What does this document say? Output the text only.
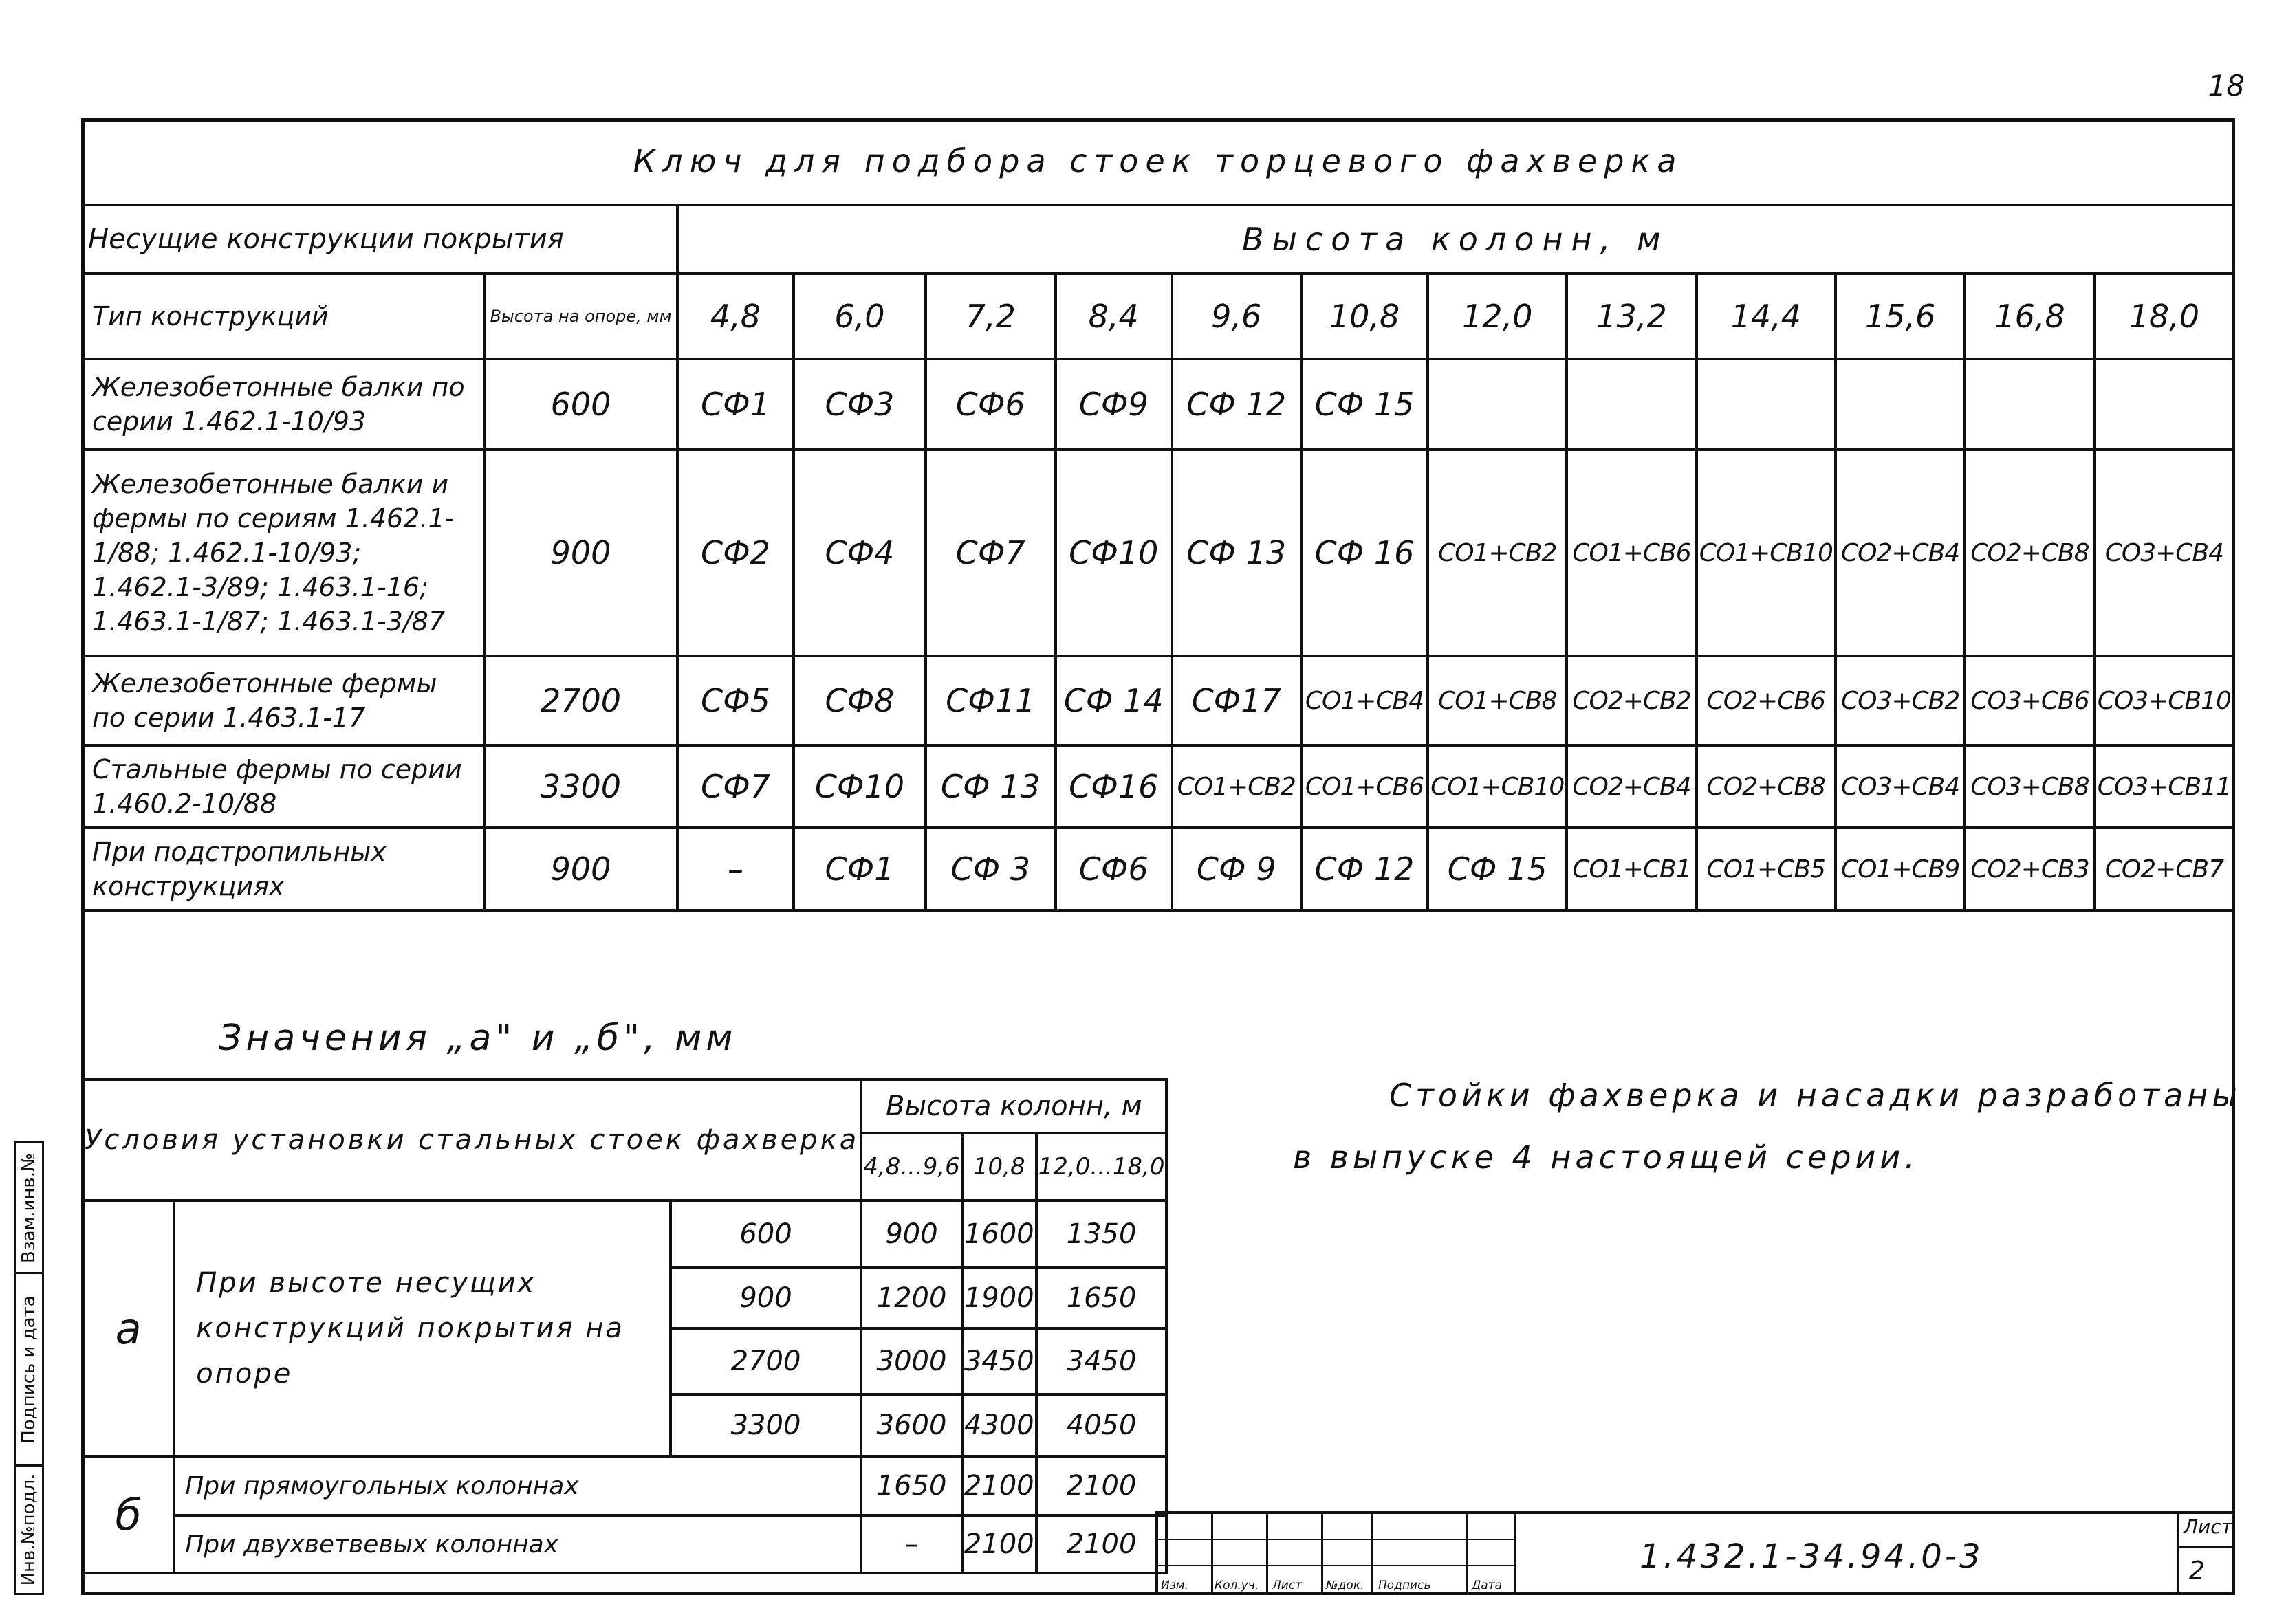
18
Ключ для подбора стоек торцевого фахверка													
Несущие конструкции покрытия		Высота колонн, м											
Тип конструкций	Высота на опоре, мм	4,8	6,0	7,2	8,4	9,6	10,8	12,0	13,2	14,4	15,6	16,8	18,0
Железобетонные балки по серии 1.462.1-10/93	600	СФ1	СФ3	СФ6	СФ9	СФ 12	СФ 15						
Железобетонные балки и фермы по сериям 1.462.1-1/88; 1.462.1-10/93; 1.462.1-3/89; 1.463.1-16; 1.463.1-1/87; 1.463.1-3/87	900	СФ2	СФ4	СФ7	СФ10	СФ 13	СФ 16	СО1+СВ2	СО1+СВ6	СО1+СВ10	СО2+СВ4	СО2+СВ8	СО3+СВ4
Железобетонные фермы по серии 1.463.1-17	2700	СФ5	СФ8	СФ11	СФ 14	СФ17	СО1+СВ4	СО1+СВ8	СО2+СВ2	СО2+СВ6	СО3+СВ2	СО3+СВ6	СО3+СВ10
Стальные фермы по серии 1.460.2-10/88	3300	СФ7	СФ10	СФ 13	СФ16	СО1+СВ2	СО1+СВ6	СО1+СВ10	СО2+СВ4	СО2+СВ8	СО3+СВ4	СО3+СВ8	СО3+СВ11
При подстропильных конструкциях	900	–	СФ1	СФ 3	СФ6	СФ 9	СФ 12	СФ 15	СО1+СВ1	СО1+СВ5	СО1+СВ9	СО2+СВ3	СО2+СВ7
Значения „а" и „б", мм
Условия установки стальных стоек фахверка			Высота колонн, м		
			4,8...9,6	10,8	12,0...18,0
а	При высоте несущих конструкций покрытия на опоре	600	900	1600	1350
		900	1200	1900	1650
		2700	3000	3450	3450
		3300	3600	4300	4050
б	При прямоугольных колоннах		1650	2100	2100
	При двухветвевых колоннах		–	2100	2100
Стойки фахверка и насадки разработаны
в выпуске 4 настоящей серии.
Взам.инв.№
Подпись и дата
Инв.№подл.	Изм. Кол.уч. Лист №док. Подпись	Дата
1.432.1-34.94.0-3
Лист
2
